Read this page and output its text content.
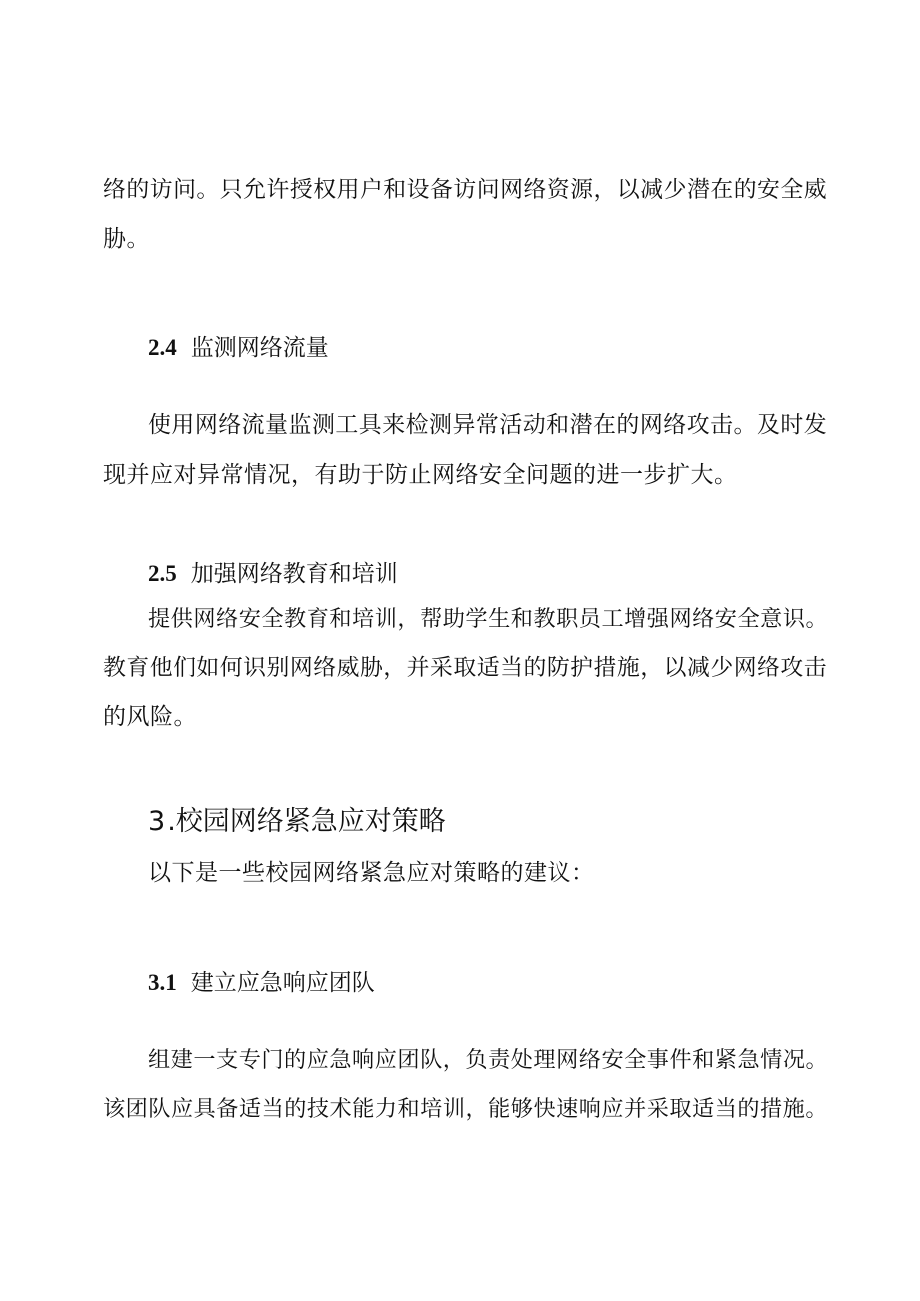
络的访问。只允许授权用户和设备访问网络资源，以减少潜在的安全威
胁。
2.4 监测网络流量
使用网络流量监测工具来检测异常活动和潜在的网络攻击。及时发
现并应对异常情况，有助于防止网络安全问题的进一步扩大。
2.5 加强网络教育和培训
提供网络安全教育和培训，帮助学生和教职员工增强网络安全意识。
教育他们如何识别网络威胁，并采取适当的防护措施，以减少网络攻击
的风险。
3.校园网络紧急应对策略
以下是一些校园网络紧急应对策略的建议：
3.1 建立应急响应团队
组建一支专门的应急响应团队，负责处理网络安全事件和紧急情况。
该团队应具备适当的技术能力和培训，能够快速响应并采取适当的措施。
